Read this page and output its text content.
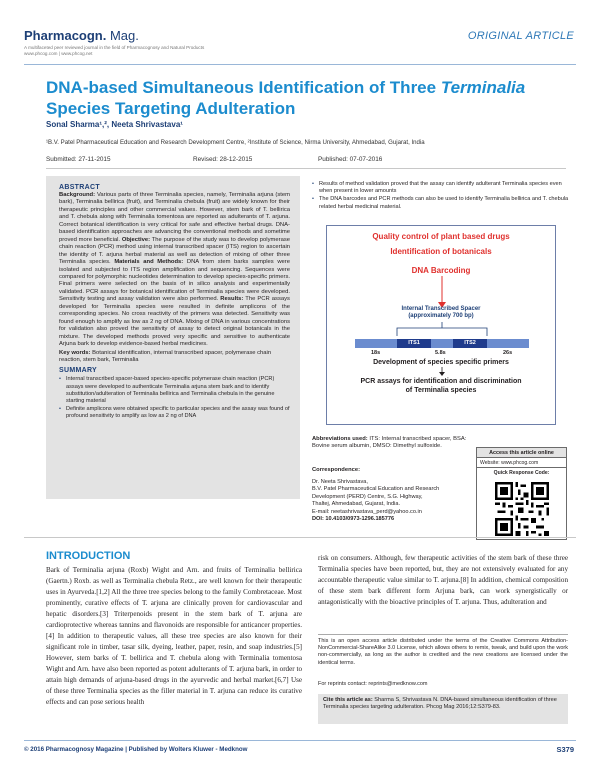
Pharmacogn. Mag.
A multifaceted peer reviewed journal in the field of Pharmacognosy and Natural Products
www.phcog.com | www.phcog.net
ORIGINAL ARTICLE
DNA-based Simultaneous Identification of Three Terminalia Species Targeting Adulteration
Sonal Sharma¹,², Neeta Shrivastava¹
¹B.V. Patel Pharmaceutical Education and Research Development Centre, ²Institute of Science, Nirma University, Ahmedabad, Gujarat, India
Submitted: 27-11-2015	Revised: 28-12-2015	Published: 07-07-2016
ABSTRACT
Background: Various parts of three Terminalia species, namely, Terminalia arjuna (stem bark), Terminalia bellirica (fruit), and Terminalia chebula (fruit) are widely known for their therapeutic principles and other commercial values. However, stem bark of T. bellirica and T. chebula along with Terminalia tomentosa are reported as adulterants of T. arjuna. Correct botanical identification is very critical for safe and effective herbal drugs. DNA-based identification approaches are advancing the conventional methods and sometime proved more beneficial. Objective: The purpose of the study was to develop polymerase chain reaction (PCR) method using internal transcribed spacer (ITS) region to ascertain the identity of T. arjuna herbal material as well as detection of mixing of other three Terminalia species. Materials and Methods: DNA from stem barks samples were isolated and subjected to ITS region amplification and sequencing. Sequences were compared for polymorphic nucleotides determination to develop species-specific primers. Final primers were selected on the basis of in silico analysis and experimentally validated. PCR assays for botanical identification of Terminalia species were developed. Sensitivity testing and assay validation were also performed. Results: The PCR assays developed for Terminalia species were resulted in definite amplicons of the corresponding species. No cross reactivity of the primers was detected. Sensitivity was found enough to amplify as low as 2 ng of DNA. Mixing of DNA in various concentrations for validation also proved the sensitivity of assay to detect original botanicals in the mixture. The developed methods proved very specific and sensitive to authenticate Arjuna bark to develop evidence-based herbal medicines.
Key words: Botanical identification, internal transcribed spacer, polymerase chain reaction, stem bark, Terminalia
SUMMARY
• Internal transcribed spacer-based species-specific polymerase chain reaction (PCR) assays were developed to authenticate Terminalia arjuna stem bark and to identify substitution/adulteration of Terminalia bellirica and Terminalia chebula in the genuine starting material
• Definite amplicons were obtained specific to particular species and the assay was found of profound sensitivity to amplify as low as 2 ng of DNA
• Results of method validation proved that the assay can identify adulterant Terminalia species even when present in lower amounts
• The DNA barcodes and PCR methods can also be used to identify Terminalia bellirica and T. chebula related herbal medicinal material.
Quality control of plant based drugs
Identification of botanicals
DNA Barcoding
Internal Transcribed Spacer
(approximately 700 bp)
ITS1	ITS2
18s	5.8s	26s
Development of species specific primers
PCR assays for identification and discrimination
of Terminalia species
Abbreviations used: ITS: Internal transcribed spacer, BSA: Bovine serum albumin, DMSO: Dimethyl sulfoxide.
Correspondence:
Dr. Neeta Shrivastava,
B.V. Patel Pharmaceutical Education and Research
Development (PERD) Centre, S.G. Highway,
Thaltej, Ahmedabad, Gujarat, India.
E-mail: neetashrivastava_perd@yahoo.co.in
DOI: 10.4103/0973-1296.185776
Access this article online
Website: www.phcog.com
Quick Response Code:
INTRODUCTION
Bark of Terminalia arjuna (Roxb) Wight and Arn. and fruits of Terminalia bellirica (Gaertn.) Roxb. as well as Terminalia chebula Retz., are well known for their therapeutic uses in Ayurveda.[1,2] All the three tree species belong to the family Combretaceae. Most prominently, curative effects of T. arjuna are clinically proven for cardiovascular and hepatic disorders.[3] Triterpenoids present in the stem bark of T. arjuna are cardioprotective whereas tannins and flavonoids are responsible for anticancer properties.[4] In addition to therapeutic values, all these tree species are also known for their significant role in timber, tasar silk, dyeing, leather, paper, resin, and soap industries.[5] However, stem barks of T. bellirica and T. chebula along with Terminalia tomentosa Wight and Arn. have also been reported as potent adulterants of T. arjuna bark, in order to attain high demands of arjuna-based drugs in the ayurvedic and herbal market.[6,7] Use of these three Terminalia species as the filler material in T. arjuna can reduce its curative effects and can pose serious health
risk on consumers. Although, few therapeutic activities of the stem bark of these three Terminalia species have been reported, but, they are not extensively evaluated for any accountable therapeutic value similar to T. arjuna.[8] In addition, chemical composition of these stem bark different form Arjuna bark, can work synergistically or antagonistically with the bioactive principles of T. arjuna. Thus, adulteration and
This is an open access article distributed under the terms of the Creative Commons Attribution-NonCommercial-ShareAlike 3.0 License, which allows others to remix, tweak, and build upon the work non-commercially, as long as the author is credited and the new creations are licensed under the identical terms.
For reprints contact: reprints@medknow.com
Cite this article as: Sharma S, Shrivastava N. DNA-based simultaneous identification of three Terminalia species targeting adulteration. Phcog Mag 2016;12:S379-83.
© 2016 Pharmacognosy Magazine | Published by Wolters Kluwer - Medknow	S379
